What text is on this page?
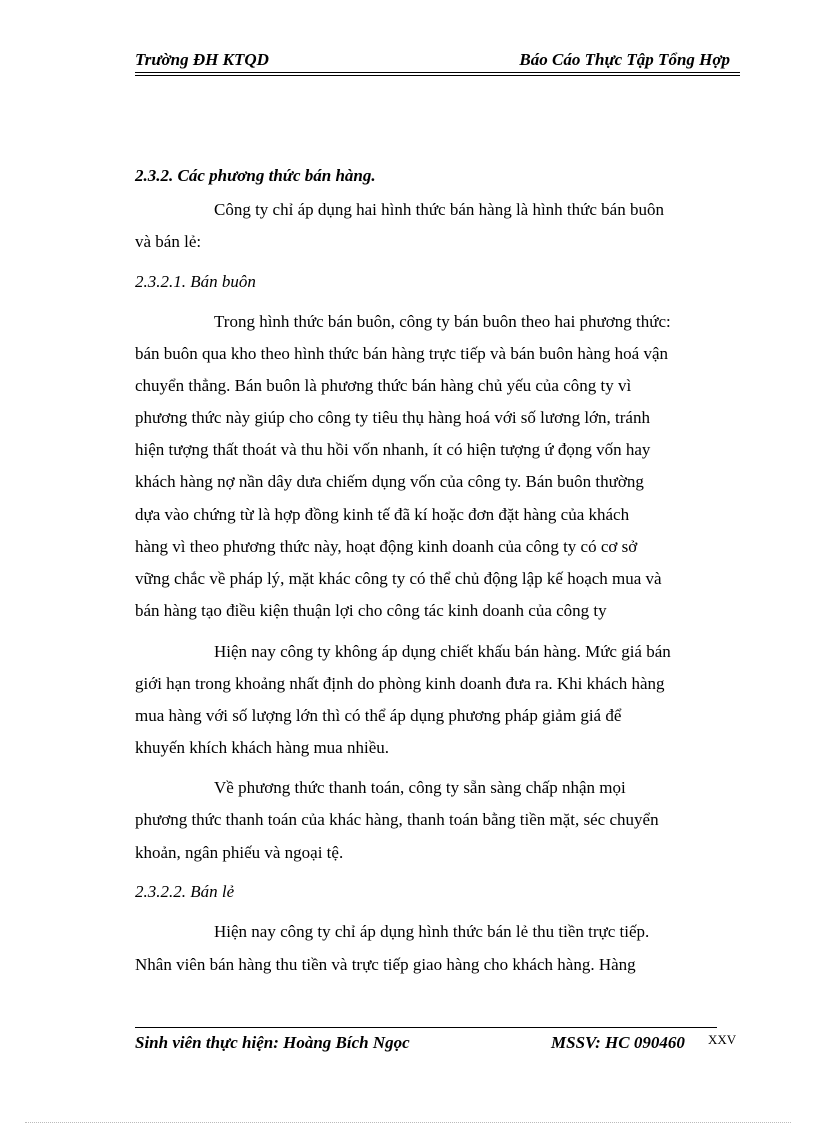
Trường ĐH KTQD	Báo Cáo Thực Tập Tổng Hợp
2.3.2. Các phương thức bán hàng.
Công ty chỉ áp dụng hai hình thức bán hàng là hình thức bán buôn
và bán lẻ:
2.3.2.1. Bán buôn
Trong hình thức bán buôn, công ty bán buôn theo hai phương thức:
bán buôn qua kho theo hình thức bán hàng trực tiếp và bán buôn hàng hoá vận
chuyển thẳng. Bán buôn là phương thức bán hàng chủ yếu của công ty vì
phương thức này giúp cho công ty tiêu thụ hàng hoá với số lương lớn, tránh
hiện tượng thất thoát và thu hồi vốn nhanh, ít có hiện tượng ứ đọng vốn hay
khách hàng nợ nần dây dưa chiếm dụng vốn của công ty. Bán buôn thường
dựa vào chứng từ là hợp đồng kinh tế đã kí hoặc đơn đặt hàng của khách
hàng vì theo phương thức này, hoạt động kinh doanh của công ty có cơ sở
vững chắc về pháp lý, mặt khác công ty có thể chủ động lập kế hoạch mua và
bán hàng tạo điều kiện thuận lợi cho công tác kinh doanh của công ty
Hiện nay công ty không áp dụng chiết khấu bán hàng. Mức giá bán
giới hạn trong khoảng nhất định do phòng kinh doanh đưa ra. Khi khách hàng
mua hàng với số lượng lớn thì có thể áp dụng phương pháp giảm giá để
khuyến khích khách hàng mua nhiều.
Về phương thức thanh toán, công ty sẵn sàng chấp nhận mọi
phương thức thanh toán của khác hàng, thanh toán bằng tiền mặt, séc chuyển
khoản, ngân phiếu và ngoại tệ.
2.3.2.2. Bán lẻ
Hiện nay công ty chỉ áp dụng hình thức bán lẻ thu tiền trực tiếp.
Nhân viên bán hàng thu tiền và trực tiếp giao hàng cho khách hàng. Hàng
Sinh viên thực hiện: Hoàng Bích Ngọc	MSSV: HC 090460 XXV
